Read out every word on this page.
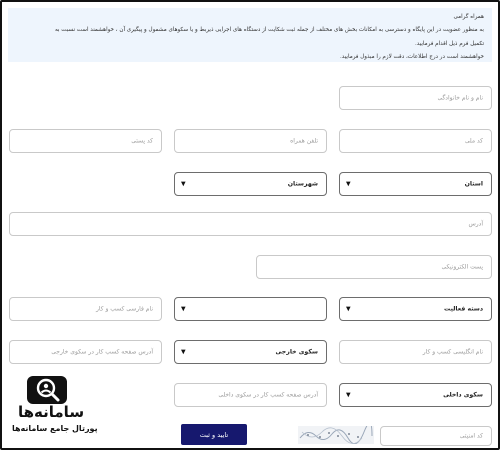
همراه گرامی

به منظور عضویت در این پایگاه و دسترسی به امکانات بخش های مختلف از جمله ثبت شکایت از دستگاه های اجرایی ذیربط و یا سکوهای مشمول و پیگیری آن ، خواهشمند است نسبت به

تکمیل فرم ذیل اقدام فرمایید.

خواهشمند است در درج اطلاعات، دقت لازم را مبذول فرمایید.

نام و نام خانوادگی
کد ملی
تلفن همراه
کد پستی
استان
▼
شهرستان
▼
آدرس
پست الکترونیکی
دسته فعالیت
▼
▼
نام فارسی کسب و کار
نام انگلیسی کسب و کار
سکوی خارجی
▼
آدرس صفحه کسب کار در سکوی خارجی
سکوی داخلی
▼
آدرس صفحه کسب کار در سکوی داخلی
کد امنیتی
تایید و ثبت
سامانه‌ها
پورتال جامع سامانه‌ها
